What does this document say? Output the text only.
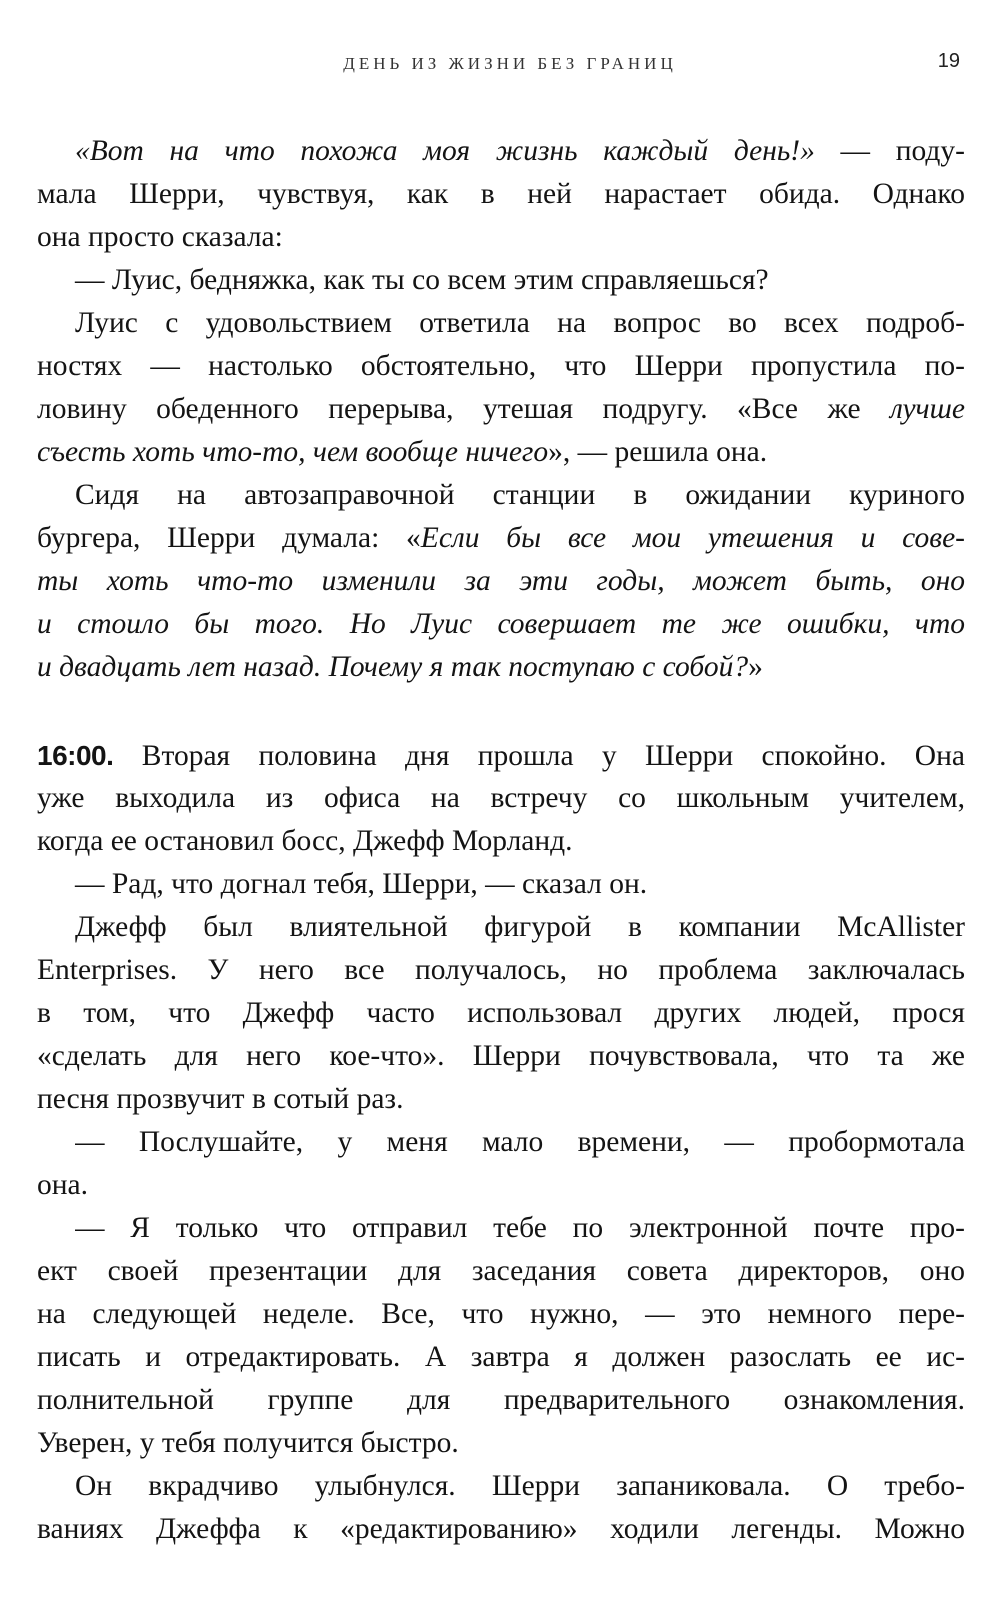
ДЕНЬ ИЗ ЖИЗНИ БЕЗ ГРАНИЦ	19
«Вот на что похожа моя жизнь каждый день!» — поду-
мала Шерри, чувствуя, как в ней нарастает обида. Однако
она просто сказала:
— Луис, бедняжка, как ты со всем этим справляешься?
Луис с удовольствием ответила на вопрос во всех подроб-
ностях — настолько обстоятельно, что Шерри пропустила по-
ловину обеденного перерыва, утешая подругу. «Все же лучше
съесть хоть что-то, чем вообще ничего», — решила она.
Сидя на автозаправочной станции в ожидании куриного
бургера, Шерри думала: «Если бы все мои утешения и сове-
ты хоть что-то изменили за эти годы, может быть, оно
и стоило бы того. Но Луис совершает те же ошибки, что
и двадцать лет назад. Почему я так поступаю с собой?»
16:00. Вторая половина дня прошла у Шерри спокойно. Она
уже выходила из офиса на встречу со школьным учителем,
когда ее остановил босс, Джефф Морланд.
— Рад, что догнал тебя, Шерри, — сказал он.
Джефф был влиятельной фигурой в компании McAllister
Enterprises. У него все получалось, но проблема заключалась
в том, что Джефф часто использовал других людей, прося
«сделать для него кое-что». Шерри почувствовала, что та же
песня прозвучит в сотый раз.
— Послушайте, у меня мало времени, — пробормотала
она.
— Я только что отправил тебе по электронной почте про-
ект своей презентации для заседания совета директоров, оно
на следующей неделе. Все, что нужно, — это немного пере-
писать и отредактировать. А завтра я должен разослать ее ис-
полнительной группе для предварительного ознакомления.
Уверен, у тебя получится быстро.
Он вкрадчиво улыбнулся. Шерри запаниковала. О требо-
ваниях Джеффа к «редактированию» ходили легенды. Можно
